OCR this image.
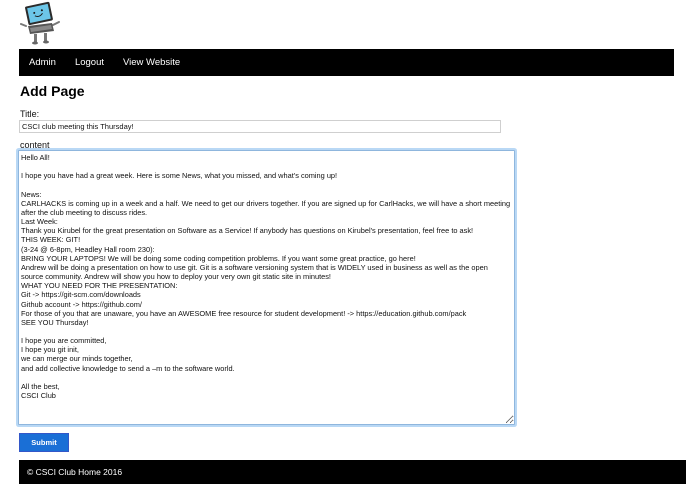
Admin Logout View Website
Add Page
Title:
CSCI club meeting this Thursday!
content
Hello All! I hope you have had a great week. Here is some News, what you missed, and what's coming up! News: CARLHACKS is coming up in a week and a half. We need to get our drivers together. If you are signed up for CarlHacks, we will have a short meeting after the club meeting to discuss rides. Last Week: Thank you Kirubel for the great presentation on Software as a Service! If anybody has questions on Kirubel's presentation, feel free to ask! THIS WEEK: GIT! (3-24 @ 6-8pm, Headley Hall room 230): BRING YOUR LAPTOPS! We will be doing some coding competition problems. If you want some great practice, go here! Andrew will be doing a presentation on how to use git. Git is a software versioning system that is WIDELY used in business as well as the open source community. Andrew will show you how to deploy your very own git static site in minutes! WHAT YOU NEED FOR THE PRESENTATION: Git -> https://git-scm.com/downloads Github account -> https://github.com/ For those of you that are unaware, you have an AWESOME free resource for student development! -> https://education.github.com/pack SEE YOU Thursday! I hope you are committed, I hope you git init, we can merge our minds together, and add collective knowledge to send a –m to the software world. All the best, CSCI Club
Submit
© CSCI Club Home 2016
